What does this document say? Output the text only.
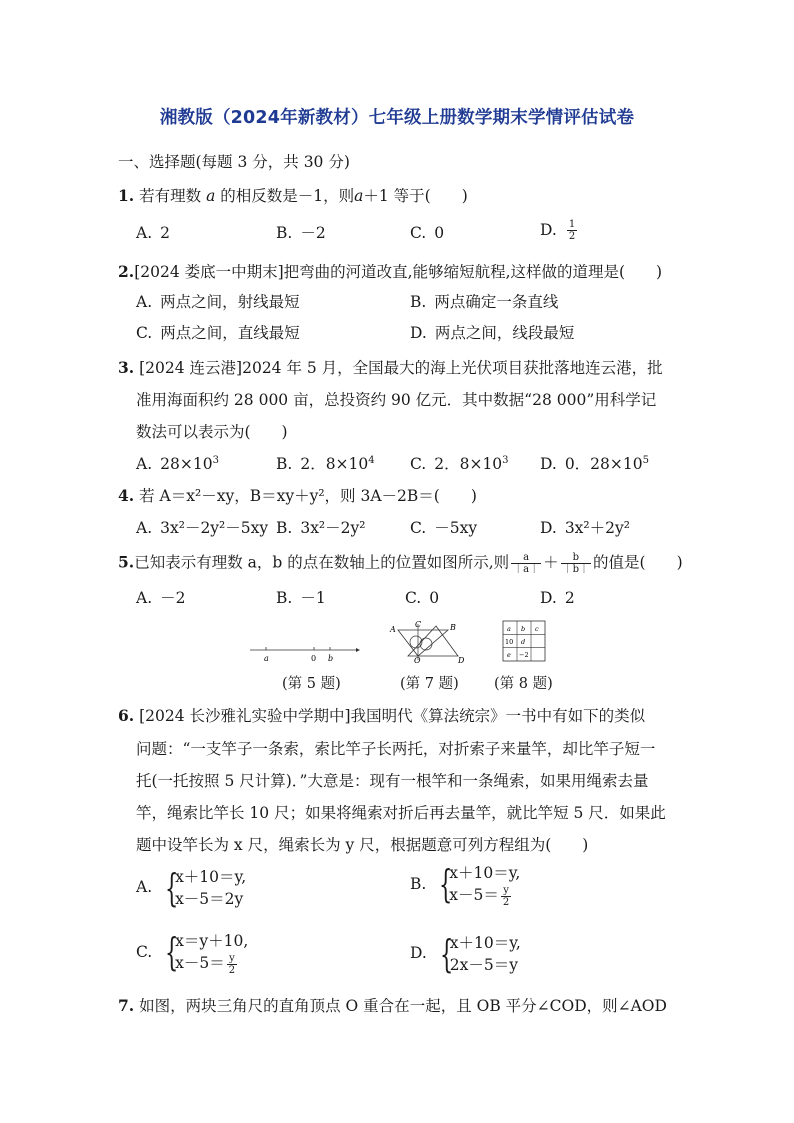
湘教版（2024年新教材）七年级上册数学期末学情评估试卷
一、选择题(每题 3 分，共 30 分)
1. 若有理数 a 的相反数是－1，则a＋1 等于(　　)
A. 2	B. －2	C. 0	D. $\frac{1}{2}$
2.[2024 娄底一中期末]把弯曲的河道改直,能够缩短航程,这样做的道理是(　　)
A. 两点之间，射线最短	B. 两点确定一条直线
C. 两点之间，直线最短	D. 两点之间，线段最短
3. [2024 连云港]2024 年 5 月，全国最大的海上光伏项目获批落地连云港，批
准用海面积约 28 000 亩，总投资约 90 亿元．其中数据“28 000”用科学记
数法可以表示为(　　)
A. $28\times 10^3$	B. 2．$8\times 10^4$ C. 2．$8\times 10^3$ D. 0．$28\times 10^5$
4. 若 A＝x²－xy，B＝xy＋y²，则 3A－2B＝(　　)
A. 3x²－2y²－5xy B. 3x²－2y²	C. －5xy	D. 3x²＋2y²
5.已知表示有理数 a，b 的点在数轴上的位置如图所示,则 $\frac{a}{|a|} + \frac{b}{|b|}$ 的值是(　　)
A. －2	B. －1	C. 0	D. 2
a	0 b
A
C	B
O	D
a b c
10 d
e −2
(第 5 题)	(第 7 题) (第 8 题)
6. [2024 长沙雅礼实验中学期中]我国明代《算法统宗》一书中有如下的类似
问题：“一支竿子一条索，索比竿子长两托，对折索子来量竿，却比竿子短一
托(一托按照 5 尺计算)．”大意是：现有一根竿和一条绳索，如果用绳索去量
竿，绳索比竿长 10 尺；如果将绳索对折后再去量竿，就比竿短 5 尺．如果此
题中设竿长为 x 尺，绳索长为 y 尺，根据题意可列方程组为(　　)
A. {
x＋10＝y,
x－5＝2y
B. {
x＋10＝y,
$x-5= \frac{y}{2}$
C. {
x＝y＋10,
$x-5= \frac{y}{2}$	D. {
x＋10＝y,
2x－5＝y
7. 如图，两块三角尺的直角顶点 O 重合在一起，且 OB 平分∠COD，则∠AOD
